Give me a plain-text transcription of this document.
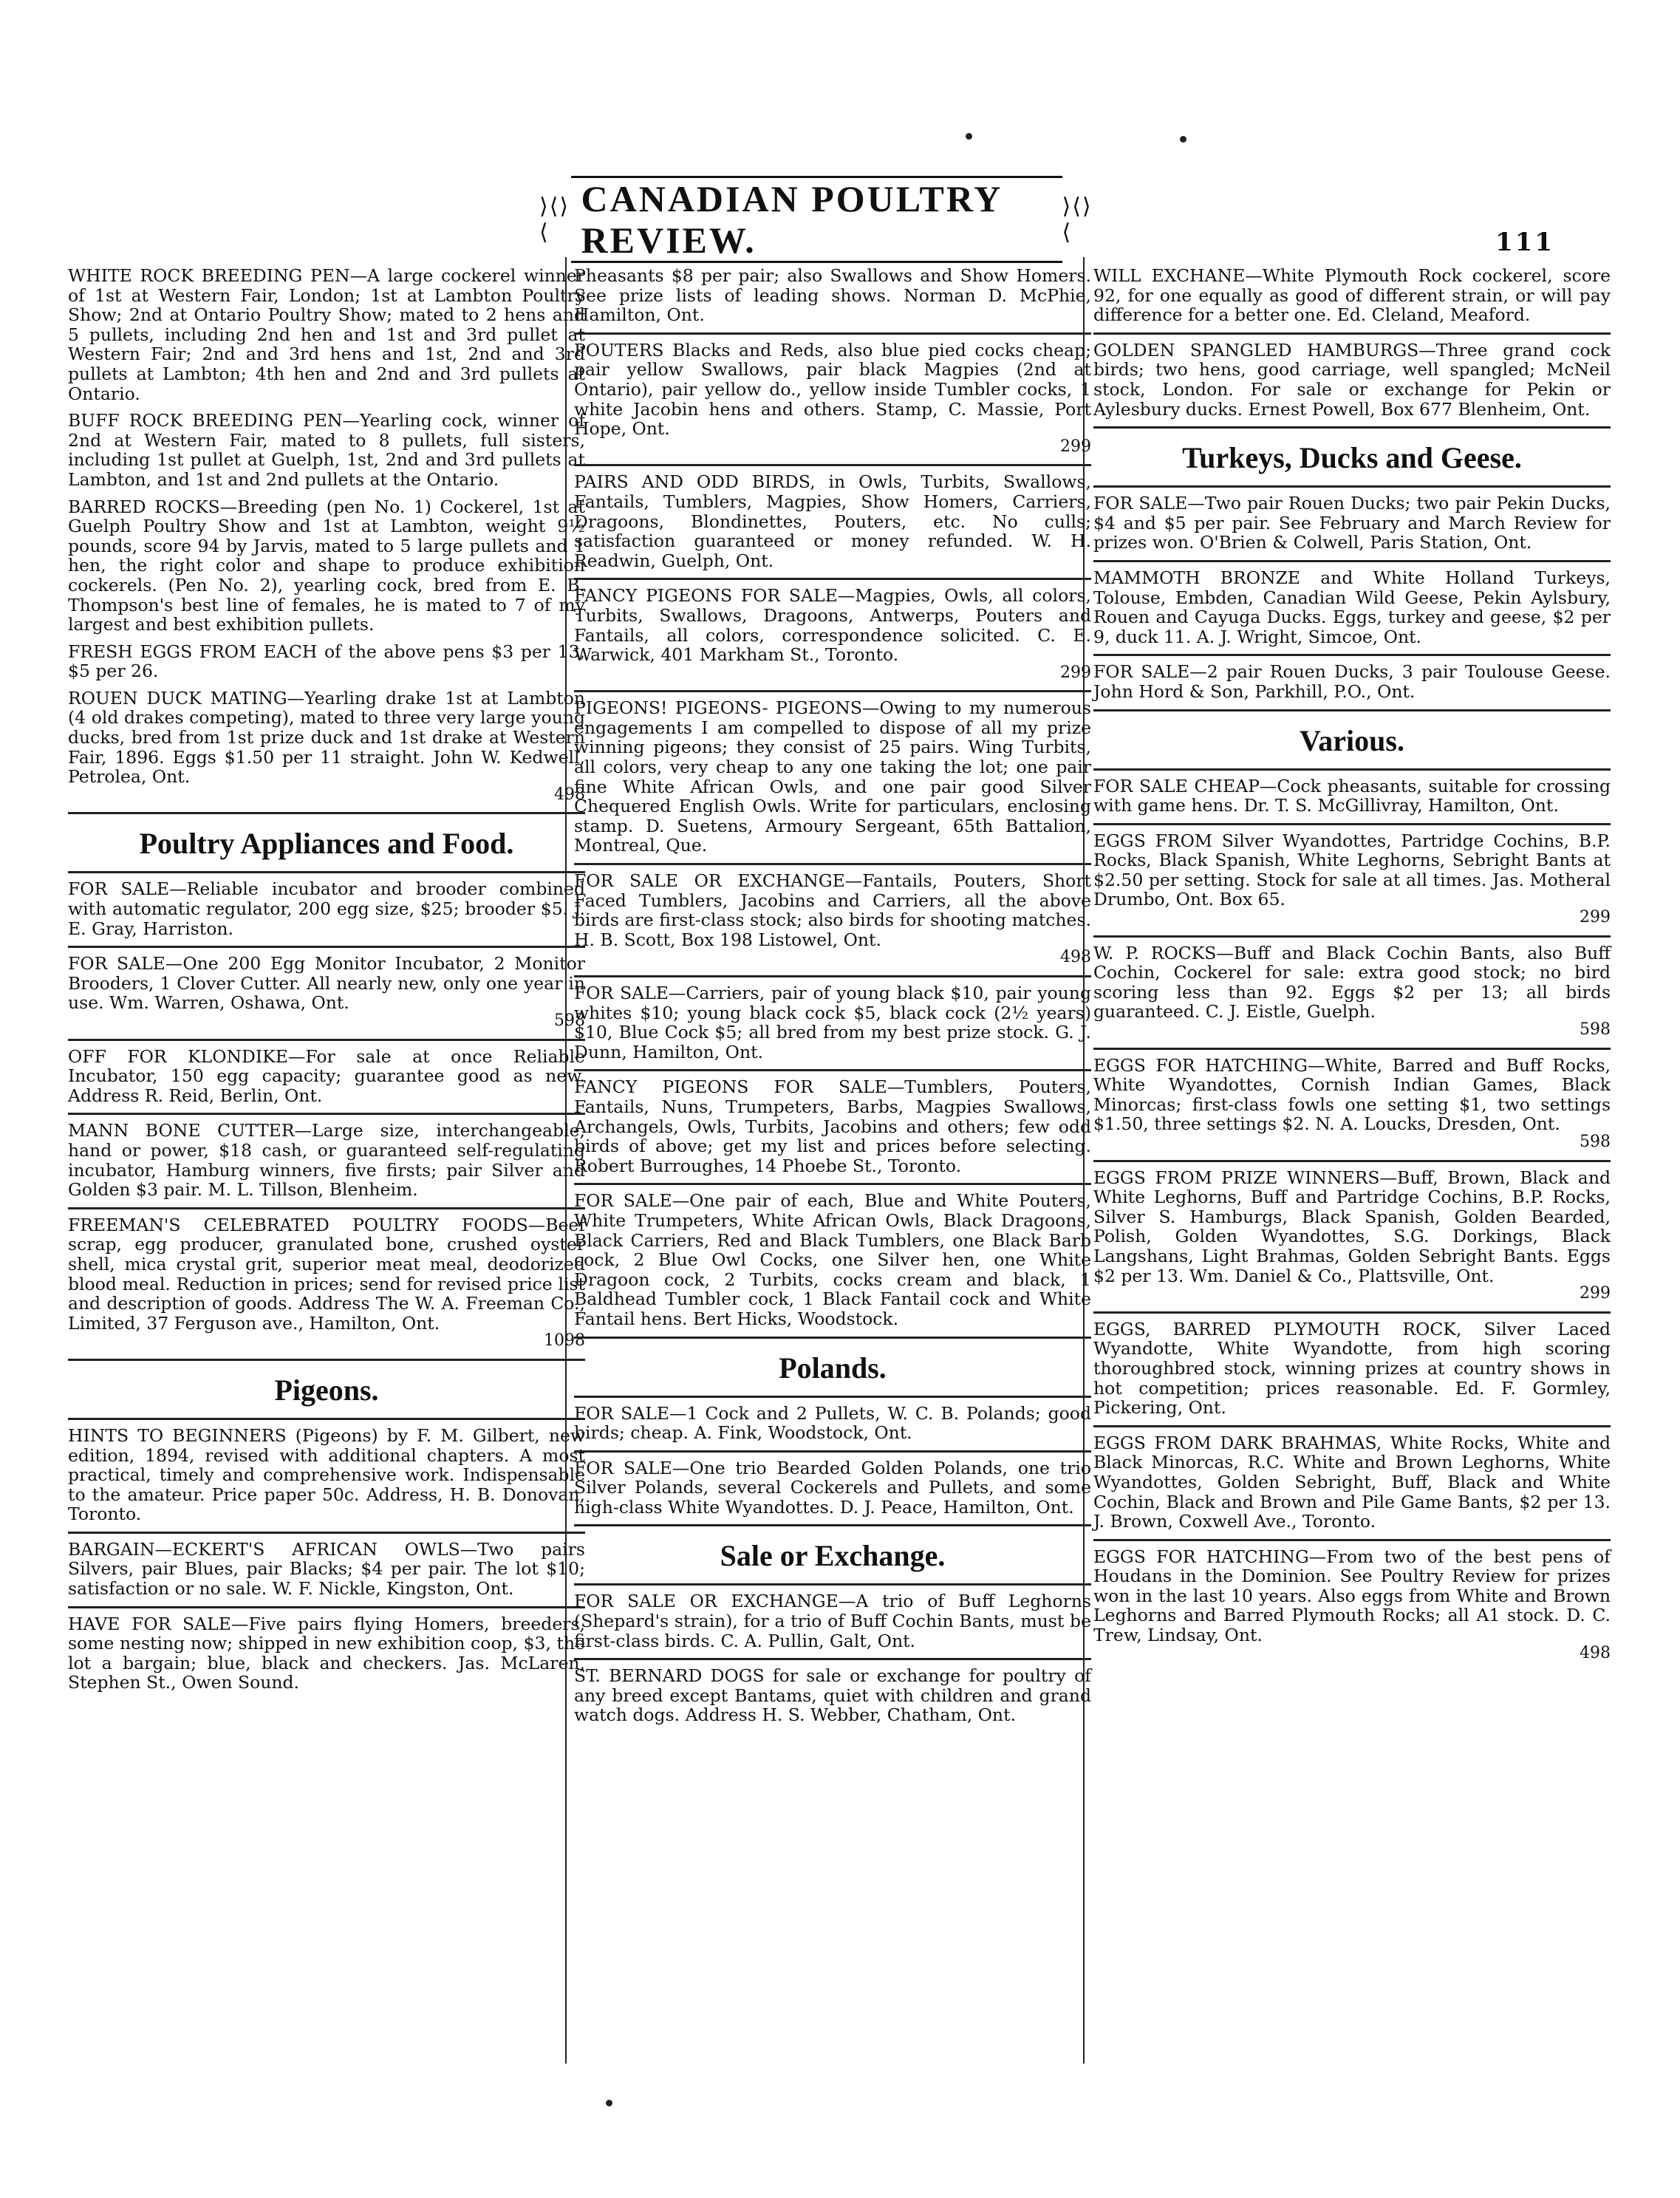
⟩⟨⟩⟨
CANADIAN POULTRY REVIEW.
⟩⟨⟩⟨	111
WHITE ROCK BREEDING PEN—A large cockerel winner of 1st at Western Fair, London; 1st at Lambton Poultry Show; 2nd at Ontario Poultry Show; mated to 2 hens and 5 pullets, including 2nd hen and 1st and 3rd pullet at Western Fair; 2nd and 3rd hens and 1st, 2nd and 3rd pullets at Lambton; 4th hen and 2nd and 3rd pullets at Ontario.
BUFF ROCK BREEDING PEN—Yearling cock, winner of 2nd at Western Fair, mated to 8 pullets, full sisters, including 1st pullet at Guelph, 1st, 2nd and 3rd pullets at Lambton, and 1st and 2nd pullets at the Ontario.
BARRED ROCKS—Breeding (pen No. 1) Cockerel, 1st at Guelph Poultry Show and 1st at Lambton, weight 9½ pounds, score 94 by Jarvis, mated to 5 large pullets and 1 hen, the right color and shape to produce exhibition cockerels. (Pen No. 2), yearling cock, bred from E. B. Thompson's best line of females, he is mated to 7 of my largest and best exhibition pullets.
FRESH EGGS FROM EACH of the above pens $3 per 13, $5 per 26.
ROUEN DUCK MATING—Yearling drake 1st at Lambton (4 old drakes competing), mated to three very large young ducks, bred from 1st prize duck and 1st drake at Western Fair, 1896. Eggs $1.50 per 11 straight. John W. Kedwell, Petrolea, Ont.
498
Poultry Appliances and Food.
FOR SALE—Reliable incubator and brooder combined with automatic regulator, 200 egg size, $25; brooder $5. J. E. Gray, Harriston.
FOR SALE—One 200 Egg Monitor Incubator, 2 Monitor Brooders, 1 Clover Cutter. All nearly new, only one year in use. Wm. Warren, Oshawa, Ont.
598
OFF FOR KLONDIKE—For sale at once Reliable Incubator, 150 egg capacity; guarantee good as new. Address R. Reid, Berlin, Ont.
MANN BONE CUTTER—Large size, interchangeable, hand or power, $18 cash, or guaranteed self-regulating incubator, Hamburg winners, five firsts; pair Silver and Golden $3 pair. M. L. Tillson, Blenheim.
FREEMAN'S CELEBRATED POULTRY FOODS—Beef scrap, egg producer, granulated bone, crushed oyster shell, mica crystal grit, superior meat meal, deodorized blood meal. Reduction in prices; send for revised price list and description of goods. Address The W. A. Freeman Co., Limited, 37 Ferguson ave., Hamilton, Ont.
1098
Pigeons.
HINTS TO BEGINNERS (Pigeons) by F. M. Gilbert, new edition, 1894, revised with additional chapters. A most practical, timely and comprehensive work. Indispensable to the amateur. Price paper 50c. Address, H. B. Donovan, Toronto.
BARGAIN—ECKERT'S AFRICAN OWLS—Two pairs Silvers, pair Blues, pair Blacks; $4 per pair. The lot $10; satisfaction or no sale. W. F. Nickle, Kingston, Ont.
HAVE FOR SALE—Five pairs flying Homers, breeders, some nesting now; shipped in new exhibition coop, $3, the lot a bargain; blue, black and checkers. Jas. McLaren, Stephen St., Owen Sound.
Pheasants $8 per pair; also Swallows and Show Homers. See prize lists of leading shows. Norman D. McPhie, Hamilton, Ont.
POUTERS Blacks and Reds, also blue pied cocks cheap; pair yellow Swallows, pair black Magpies (2nd at Ontario), pair yellow do., yellow inside Tumbler cocks, 1 white Jacobin hens and others. Stamp, C. Massie, Port Hope, Ont.
299
PAIRS AND ODD BIRDS, in Owls, Turbits, Swallows, Fantails, Tumblers, Magpies, Show Homers, Carriers, Dragoons, Blondinettes, Pouters, etc. No culls; satisfaction guaranteed or money refunded. W. H. Readwin, Guelph, Ont.
FANCY PIGEONS FOR SALE—Magpies, Owls, all colors, Turbits, Swallows, Dragoons, Antwerps, Pouters and Fantails, all colors, correspondence solicited. C. E. Warwick, 401 Markham St., Toronto.
299
PIGEONS! PIGEONS- PIGEONS—Owing to my numerous engagements I am compelled to dispose of all my prize winning pigeons; they consist of 25 pairs. Wing Turbits, all colors, very cheap to any one taking the lot; one pair fine White African Owls, and one pair good Silver Chequered English Owls. Write for particulars, enclosing stamp. D. Suetens, Armoury Sergeant, 65th Battalion, Montreal, Que.
FOR SALE OR EXCHANGE—Fantails, Pouters, Short Faced Tumblers, Jacobins and Carriers, all the above birds are first-class stock; also birds for shooting matches. H. B. Scott, Box 198 Listowel, Ont.
498
FOR SALE—Carriers, pair of young black $10, pair young whites $10; young black cock $5, black cock (2½ years) $10, Blue Cock $5; all bred from my best prize stock. G. J. Dunn, Hamilton, Ont.
FANCY PIGEONS FOR SALE—Tumblers, Pouters, Fantails, Nuns, Trumpeters, Barbs, Magpies Swallows, Archangels, Owls, Turbits, Jacobins and others; few odd birds of above; get my list and prices before selecting. Robert Burroughes, 14 Phoebe St., Toronto.
FOR SALE—One pair of each, Blue and White Pouters, White Trumpeters, White African Owls, Black Dragoons, Black Carriers, Red and Black Tumblers, one Black Barb cock, 2 Blue Owl Cocks, one Silver hen, one White Dragoon cock, 2 Turbits, cocks cream and black, 1 Baldhead Tumbler cock, 1 Black Fantail cock and White Fantail hens. Bert Hicks, Woodstock.
Polands.
FOR SALE—1 Cock and 2 Pullets, W. C. B. Polands; good birds; cheap. A. Fink, Woodstock, Ont.
FOR SALE—One trio Bearded Golden Polands, one trio Silver Polands, several Cockerels and Pullets, and some high-class White Wyandottes. D. J. Peace, Hamilton, Ont.
Sale or Exchange.
FOR SALE OR EXCHANGE—A trio of Buff Leghorns (Shepard's strain), for a trio of Buff Cochin Bants, must be first-class birds. C. A. Pullin, Galt, Ont.
ST. BERNARD DOGS for sale or exchange for poultry of any breed except Bantams, quiet with children and grand watch dogs. Address H. S. Webber, Chatham, Ont.
WILL EXCHANE—White Plymouth Rock cockerel, score 92, for one equally as good of different strain, or will pay difference for a better one. Ed. Cleland, Meaford.
GOLDEN SPANGLED HAMBURGS—Three grand cock birds; two hens, good carriage, well spangled; McNeil stock, London. For sale or exchange for Pekin or Aylesbury ducks. Ernest Powell, Box 677 Blenheim, Ont.
Turkeys, Ducks and Geese.
FOR SALE—Two pair Rouen Ducks; two pair Pekin Ducks, $4 and $5 per pair. See February and March Review for prizes won. O'Brien & Colwell, Paris Station, Ont.
MAMMOTH BRONZE and White Holland Turkeys, Tolouse, Embden, Canadian Wild Geese, Pekin Aylsbury, Rouen and Cayuga Ducks. Eggs, turkey and geese, $2 per 9, duck 11. A. J. Wright, Simcoe, Ont.
FOR SALE—2 pair Rouen Ducks, 3 pair Toulouse Geese. John Hord & Son, Parkhill, P.O., Ont.
Various.
FOR SALE CHEAP—Cock pheasants, suitable for crossing with game hens. Dr. T. S. McGillivray, Hamilton, Ont.
EGGS FROM Silver Wyandottes, Partridge Cochins, B.P. Rocks, Black Spanish, White Leghorns, Sebright Bants at $2.50 per setting. Stock for sale at all times. Jas. Motheral Drumbo, Ont. Box 65.
299
W. P. ROCKS—Buff and Black Cochin Bants, also Buff Cochin, Cockerel for sale: extra good stock; no bird scoring less than 92. Eggs $2 per 13; all birds guaranteed. C. J. Eistle, Guelph.
598
EGGS FOR HATCHING—White, Barred and Buff Rocks, White Wyandottes, Cornish Indian Games, Black Minorcas; first-class fowls one setting $1, two settings $1.50, three settings $2. N. A. Loucks, Dresden, Ont.
598
EGGS FROM PRIZE WINNERS—Buff, Brown, Black and White Leghorns, Buff and Partridge Cochins, B.P. Rocks, Silver S. Hamburgs, Black Spanish, Golden Bearded, Polish, Golden Wyandottes, S.G. Dorkings, Black Langshans, Light Brahmas, Golden Sebright Bants. Eggs $2 per 13. Wm. Daniel & Co., Plattsville, Ont.
299
EGGS, BARRED PLYMOUTH ROCK, Silver Laced Wyandotte, White Wyandotte, from high scoring thoroughbred stock, winning prizes at country shows in hot competition; prices reasonable. Ed. F. Gormley, Pickering, Ont.
EGGS FROM DARK BRAHMAS, White Rocks, White and Black Minorcas, R.C. White and Brown Leghorns, White Wyandottes, Golden Sebright, Buff, Black and White Cochin, Black and Brown and Pile Game Bants, $2 per 13. J. Brown, Coxwell Ave., Toronto.
EGGS FOR HATCHING—From two of the best pens of Houdans in the Dominion. See Poultry Review for prizes won in the last 10 years. Also eggs from White and Brown Leghorns and Barred Plymouth Rocks; all A1 stock. D. C. Trew, Lindsay, Ont.
498
